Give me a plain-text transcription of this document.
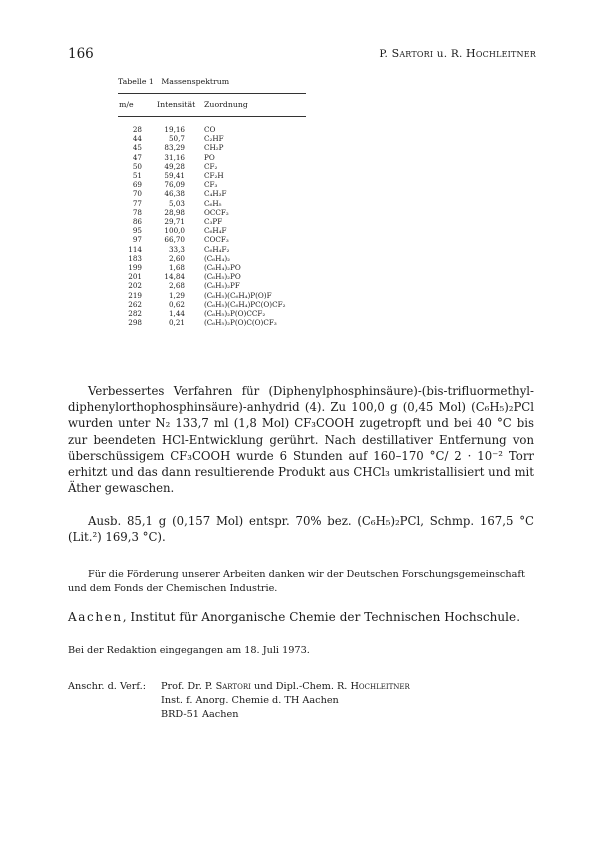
166	P. Sartori u. R. Hochleitner
Tabelle 1   Massenspektrum
m/e	Intensität Zuordnung
28	19,16	CO
44	50,7	C₂HF
45	83,29	CH₂P
47	31,16	PO
50	49,28	CF₂
51	59,41	CF₂H
69	76,09	CF₃
70	46,38	C₄H₃F
77	5,03	C₆H₅
78	28,98	OCCF₂
86	29,71	C₃PF
95	100,0	C₆H₄F
97	66,70	COCF₃
114	33,3	C₆H₄F₂
183	2,60	(C₆H₄)₂
199	1,68	(C₆H₄)₂PO
201	14,84	(C₆H₅)₂PO
202	2,68	(C₆H₅)₂PF
219	1,29	(C₆H₅)(C₆H₄)P(O)F
262	0,62	(C₆H₅)(C₆H₄)PC(O)CF₂
282	1,44	(C₆H₅)₂P(O)CCF₂
298	0,21	(C₆H₅)₂P(O)C(O)CF₃

Verbessertes Verfahren für (Diphenylphosphinsäure)-(bis-trifluormethyl-diphenylorthophosphinsäure)-anhydrid (4). Zu 100,0 g (0,45 Mol) (C₆H₅)₂PCl wurden unter N₂ 133,7 ml (1,8 Mol) CF₃COOH zugetropft und bei 40 °C bis zur beendeten HCl-Entwicklung gerührt. Nach destillativer Entfernung von überschüssigem CF₃COOH wurde 6 Stunden auf 160–170 °C/ 2 · 10⁻² Torr erhitzt und das dann resultierende Produkt aus CHCl₃ umkristallisiert und mit Äther gewaschen.

Ausb. 85,1 g (0,157 Mol) entspr. 70% bez. (C₆H₅)₂PCl, Schmp. 167,5 °C (Lit.²) 169,3 °C).

Für die Förderung unserer Arbeiten danken wir der Deutschen Forschungsgemeinschaft und dem Fonds der Chemischen Industrie.

Aachen, Institut für Anorganische Chemie der Technischen Hochschule.
Bei der Redaktion eingegangen am 18. Juli 1973.
Anschr. d. Verf.: Prof. Dr. P. Sartori und Dipl.-Chem. R. Hochleitner
Inst. f. Anorg. Chemie d. TH Aachen
BRD-51 Aachen
